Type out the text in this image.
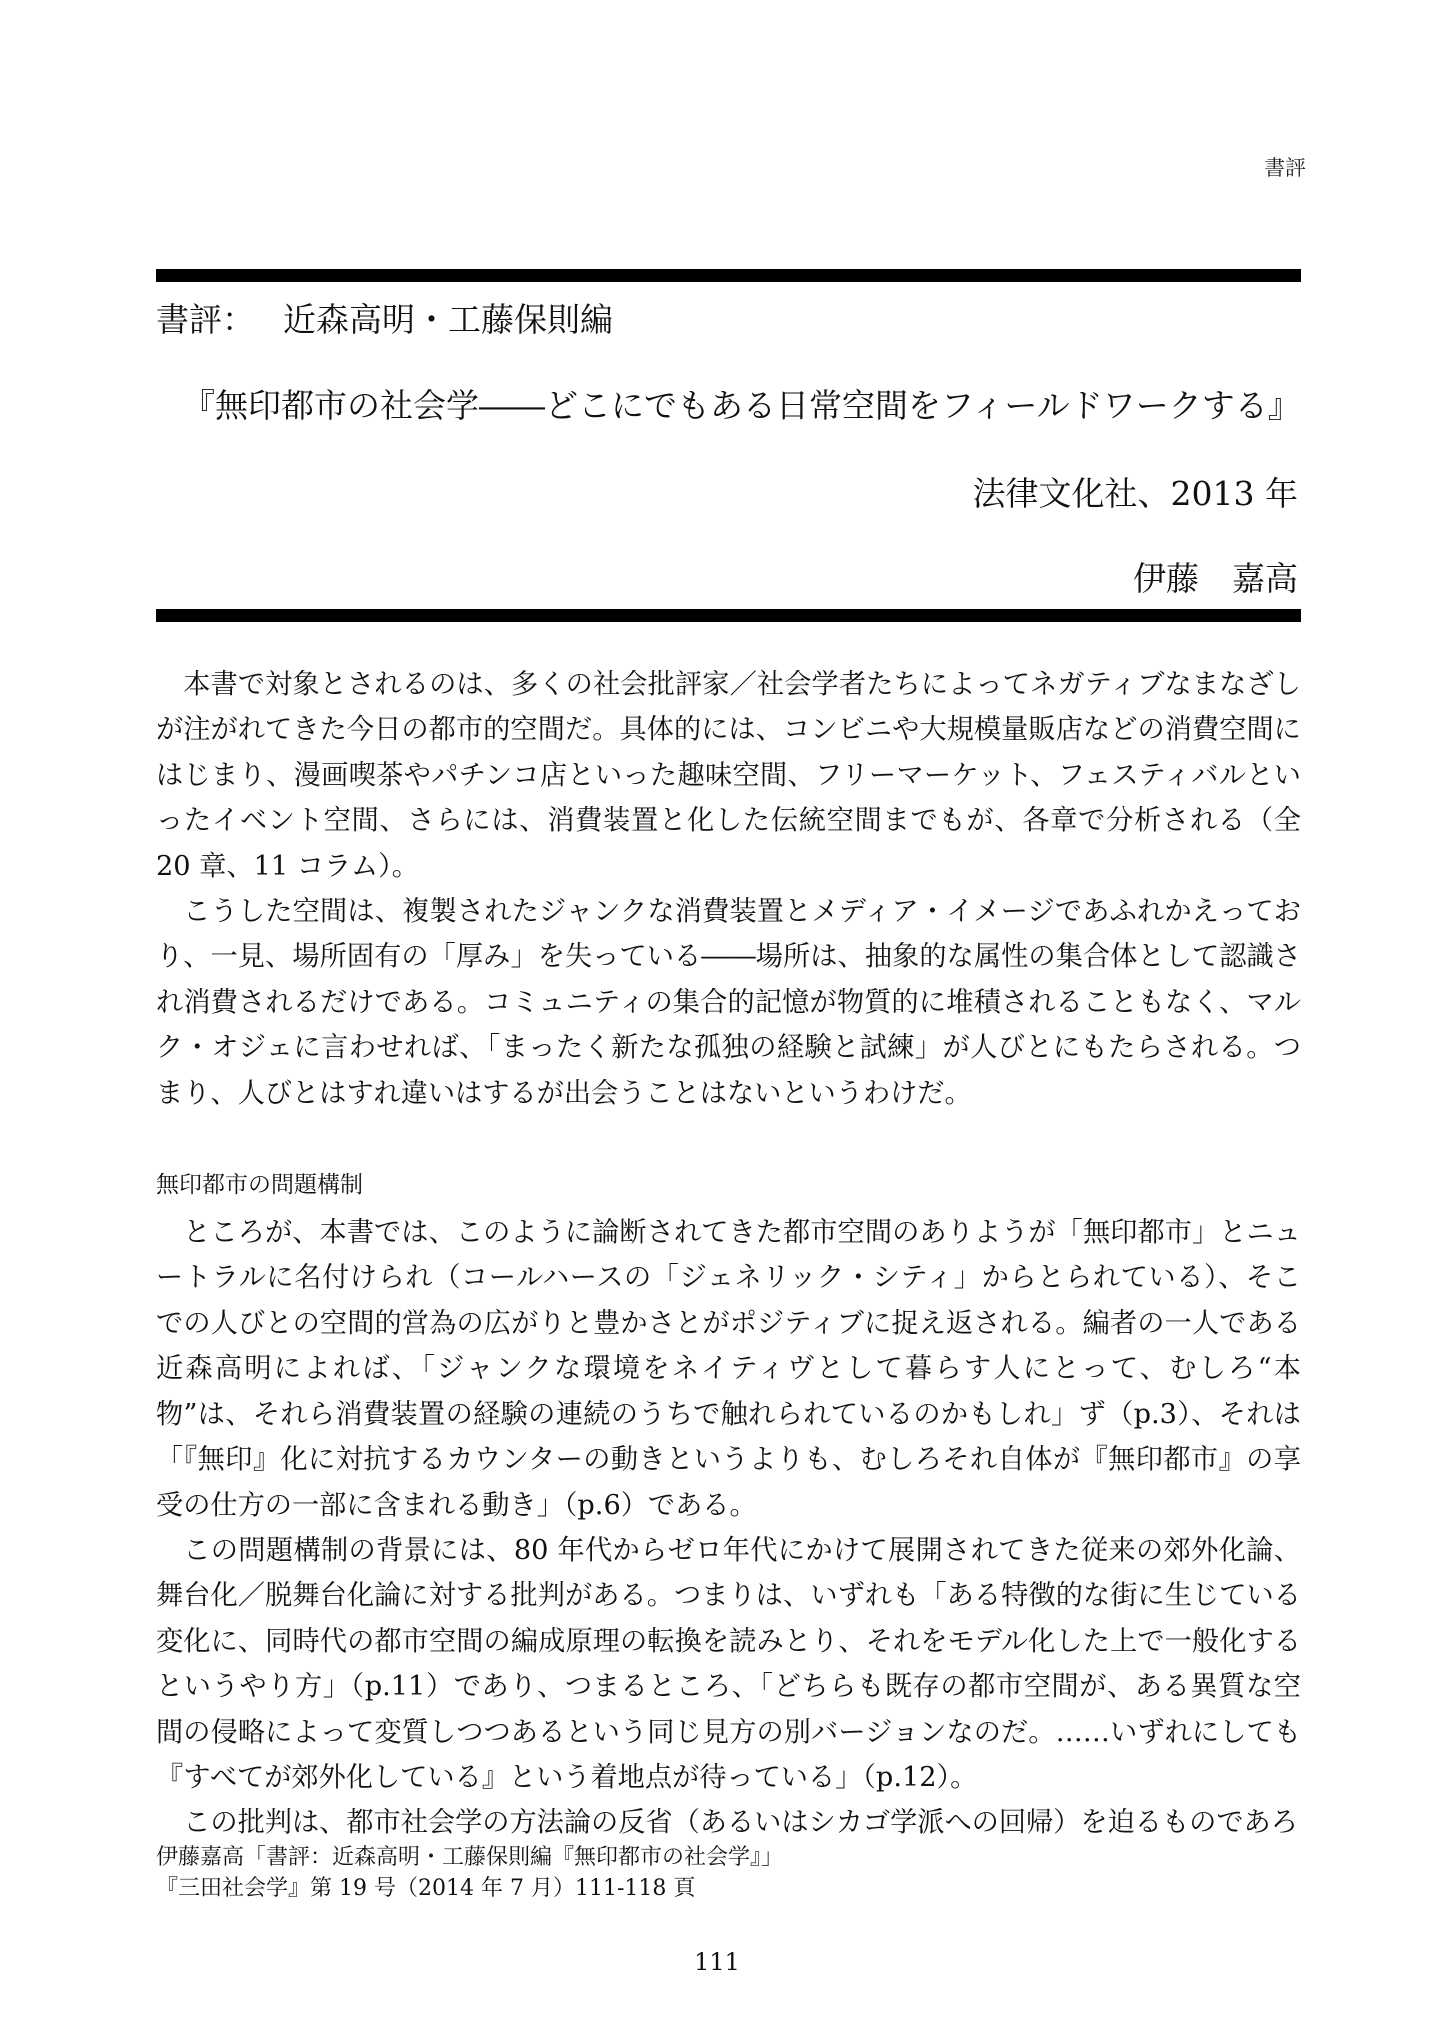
書評
書評： 近森高明・工藤保則編
『無印都市の社会学――どこにでもある日常空間をフィールドワークする』
法律文化社、2013 年
伊藤 嘉高

本書で対象とされるのは、多くの社会批評家／社会学者たちによってネガティブなまなざしが注がれてきた今日の都市的空間だ。具体的には、コンビニや大規模量販店などの消費空間にはじまり、漫画喫茶やパチンコ店といった趣味空間、フリーマーケット、フェスティバルといったイベント空間、さらには、消費装置と化した伝統空間までもが、各章で分析される（全 20 章、11 コラム）。

こうした空間は、複製されたジャンクな消費装置とメディア・イメージであふれかえっており、一見、場所固有の「厚み」を失っている――場所は、抽象的な属性の集合体として認識され消費されるだけである。コミュニティの集合的記憶が物質的に堆積されることもなく、マルク・オジェに言わせれば、「まったく新たな孤独の経験と試練」が人びとにもたらされる。つまり、人びとはすれ違いはするが出会うことはないというわけだ。

無印都市の問題構制

ところが、本書では、このように論断されてきた都市空間のありようが「無印都市」とニュートラルに名付けられ（コールハースの「ジェネリック・シティ」からとられている）、そこでの人びとの空間的営為の広がりと豊かさとがポジティブに捉え返される。編者の一人である近森高明によれば、「ジャンクな環境をネイティヴとして暮らす人にとって、むしろ“本物”は、それら消費装置の経験の連続のうちで触れられているのかもしれ」ず（p.3）、それは「『無印』化に対抗するカウンターの動きというよりも、むしろそれ自体が『無印都市』の享受の仕方の一部に含まれる動き」（p.6）である。

この問題構制の背景には、80 年代からゼロ年代にかけて展開されてきた従来の郊外化論、舞台化／脱舞台化論に対する批判がある。つまりは、いずれも「ある特徴的な街に生じている変化に、同時代の都市空間の編成原理の転換を読みとり、それをモデル化した上で一般化するというやり方」（p.11）であり、つまるところ、「どちらも既存の都市空間が、ある異質な空間の侵略によって変質しつつあるという同じ見方の別バージョンなのだ。……いずれにしても『すべてが郊外化している』という着地点が待っている」（p.12）。

この批判は、都市社会学の方法論の反省（あるいはシカゴ学派への回帰）を迫るものであろ

伊藤嘉高「書評：近森高明・工藤保則編『無印都市の社会学』」
『三田社会学』第 19 号（2014 年 7 月）111-118 頁
111
